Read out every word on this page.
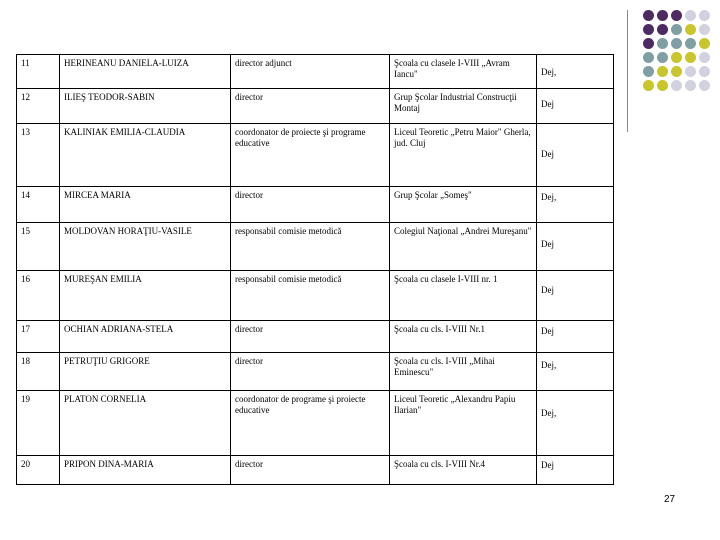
11	HERINEANU DANIELA-LUIZA	director adjunct	Şcoala cu clasele I-VIII „Avram Iancu"	Dej,

12	ILIEŞ TEODOR-SABIN	director	Grup Şcolar Industrial Construcţii Montaj	Dej

13	KALINIAK EMILIA-CLAUDIA	coordonator de proiecte şi programe educative	Liceul Teoretic „Petru Maior" Gherla, jud. Cluj	Dej

14	MIRCEA MARIA	director	Grup Şcolar „Someş"	Dej,

15	MOLDOVAN HORAŢIU-VASILE	responsabil comisie metodică	Colegiul Naţional „Andrei Mureşanu"	Dej

16	MUREŞAN EMILIA	responsabil comisie metodică	Şcoala cu clasele I-VIII nr. 1	Dej

17	OCHIAN ADRIANA-STELA	director	Şcoala cu cls. I-VIII Nr.1	Dej

18	PETRUŢIU GRIGORE	director	Şcoala cu cls. I-VIII „Mihai Eminescu"	Dej,

19	PLATON CORNELIA	coordonator de programe şi proiecte educative	Liceul Teoretic „Alexandru Papiu Ilarian"	Dej,

20	PRIPON DINA-MARIA	director	Şcoala cu cls. I-VIII Nr.4	Dej
27
